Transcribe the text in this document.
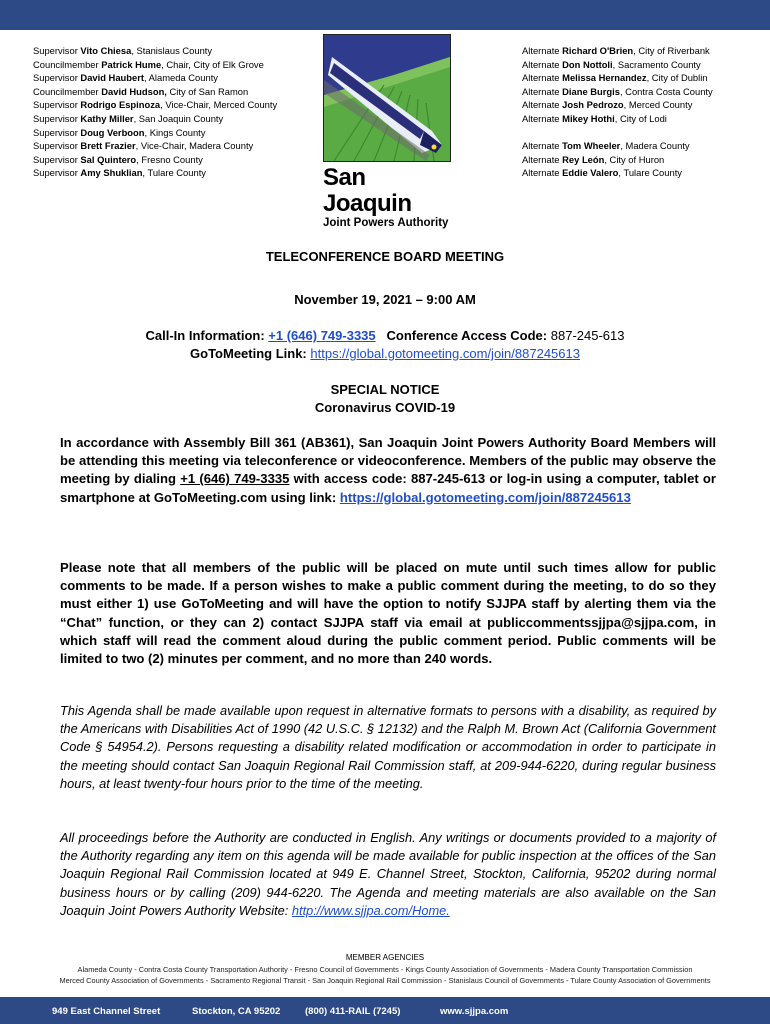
Supervisor Vito Chiesa, Stanislaus County
Councilmember Patrick Hume, Chair, City of Elk Grove
Supervisor David Haubert, Alameda County
Councilmember David Hudson, City of San Ramon
Supervisor Rodrigo Espinoza, Vice-Chair, Merced County
Supervisor Kathy Miller, San Joaquin County
Supervisor Doug Verboon, Kings County
Supervisor Brett Frazier, Vice-Chair, Madera County
Supervisor Sal Quintero, Fresno County
Supervisor Amy Shuklian, Tulare County
Alternate Richard O'Brien, City of Riverbank
Alternate Don Nottoli, Sacramento County
Alternate Melissa Hernandez, City of Dublin
Alternate Diane Burgis, Contra Costa County
Alternate Josh Pedrozo, Merced County
Alternate Mikey Hothi, City of Lodi
Alternate Tom Wheeler, Madera County
Alternate Rey León, City of Huron
Alternate Eddie Valero, Tulare County
San Joaquin
Joint Powers Authority
TELECONFERENCE BOARD MEETING
November 19, 2021 – 9:00 AM
Call-In Information: +1 (646) 749-3335 Conference Access Code: 887-245-613
GoToMeeting Link: https://global.gotomeeting.com/join/887245613
SPECIAL NOTICE
Coronavirus COVID-19
In accordance with Assembly Bill 361 (AB361), San Joaquin Joint Powers Authority Board Members will be attending this meeting via teleconference or videoconference. Members of the public may observe the meeting by dialing +1 (646) 749-3335 with access code: 887-245-613 or log-in using a computer, tablet or smartphone at GoToMeeting.com using link: https://global.gotomeeting.com/join/887245613
Please note that all members of the public will be placed on mute until such times allow for public comments to be made. If a person wishes to make a public comment during the meeting, to do so they must either 1) use GoToMeeting and will have the option to notify SJJPA staff by alerting them via the “Chat” function, or they can 2) contact SJJPA staff via email at publiccommentssjjpa@sjjpa.com, in which staff will read the comment aloud during the public comment period. Public comments will be limited to two (2) minutes per comment, and no more than 240 words.
This Agenda shall be made available upon request in alternative formats to persons with a disability, as required by the Americans with Disabilities Act of 1990 (42 U.S.C. § 12132) and the Ralph M. Brown Act (California Government Code § 54954.2). Persons requesting a disability related modification or accommodation in order to participate in the meeting should contact San Joaquin Regional Rail Commission staff, at 209-944-6220, during regular business hours, at least twenty-four hours prior to the time of the meeting.
All proceedings before the Authority are conducted in English. Any writings or documents provided to a majority of the Authority regarding any item on this agenda will be made available for public inspection at the offices of the San Joaquin Regional Rail Commission located at 949 E. Channel Street, Stockton, California, 95202 during normal business hours or by calling (209) 944-6220. The Agenda and meeting materials are also available on the San Joaquin Joint Powers Authority Website: http://www.sjjpa.com/Home.
MEMBER AGENCIES
Alameda County - Contra Costa County Transportation Authority - Fresno Council of Governments - Kings County Association of Governments - Madera County Transportation Commission
Merced County Association of Governments - Sacramento Regional Transit - San Joaquin Regional Rail Commission - Stanislaus Council of Governments - Tulare County Association of Governments
949 East Channel Street	Stockton, CA 95202	(800) 411-RAIL (7245)	www.sjjpa.com
